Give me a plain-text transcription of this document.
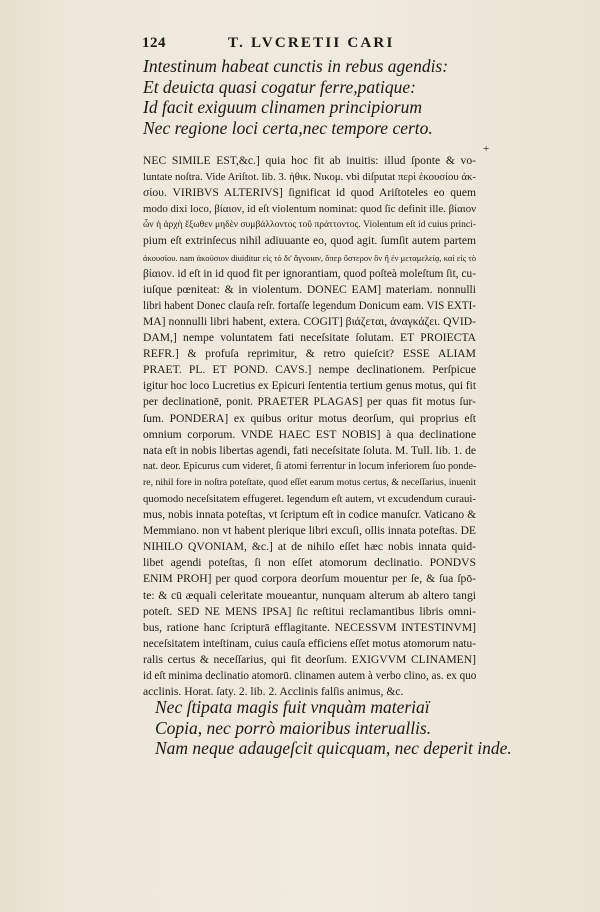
124	T. LVCRETII CARI
Intestinum habeat cunctis in rebus agendis:
Et deuicta quasi cogatur ferre,patique:
Id facit exiguum clinamen principiorum
Nec regione loci certa,nec tempore certo.
+
NEC SIMILE EST,&c.] quia hoc fit ab inuitis: illud ſponte & vo-
luntate noſtra. Vide Ariſtot. lib. 3. ἠθικ. Νικομ. vbi diſputat περὶ ἑκουσίου ἀκ-
σίου. VIRIBVS ALTERIVS] ſignificat id quod Ariſtoteles eo quem
modo dixi loco, βίαιον, id eſt violentum nominat: quod ſic definit ille. βίαιον
ὧν ἡ ἀρχὴ ἔξωθεν μηδὲν συμβάλλοντος τοῦ πράττοντος. Violentum eſt id cuius princi-
pium eſt extrinſecus nihil adiuuante eo, quod agit. ſumſit autem partem
ἀκουσίου. nam ἀκούσιον diuiditur εἰς τό δι' ἄγνοιαν, ὅπερ ὕστερον ὂν ἢ ἐν μεταμελείᾳ, καὶ εἰς τὸ
βίαιον. id eſt in id quod fit per ignorantiam, quod poſteà moleſtum ſit, cu-
iuſque pœniteat: & in violentum. DONEC EAM] materiam. nonnulli
libri habent Donec clauſa reſr. fortaſſe legendum Donicum eam. VIS EXTI-
MA] nonnulli libri habent, extera. COGIT] βιάζεται, ἀναγκάζει. QVID-
DAM,] nempe voluntatem fati neceſsitate ſolutam. ET PROIECTA
REFR.] & profuſa reprimitur, & retro quieſcit? ESSE ALIAM
PRAET. PL. ET POND. CAVS.] nempe declinationem. Perſpicue
igitur hoc loco Lucretius ex Epicuri ſententia tertium genus motus, qui fit
per declinationē, ponit. PRAETER PLAGAS] per quas fit motus ſur-
ſum. PONDERA] ex quibus oritur motus deorſum, qui proprius eſt
omnium corporum. VNDE HAEC EST NOBIS] à qua declinatione
nata eſt in nobis libertas agendi, fati neceſsitate ſoluta. M. Tull. lib. 1. de
nat. deor. Epicurus cum videret, ſi atomi ferrentur in locum inferiorem ſuo ponde-
re, nihil fore in noſtra poteſtate, quod eſſet earum motus certus, & neceſſarius, inuenit
quomodo neceſsitatem effugeret. legendum eſt autem, vt excudendum curaui-
mus, nobis innata poteſtas, vt ſcriptum eſt in codice manuſcr. Vaticano &
Memmiano. non vt habent plerique libri excuſi, ollis innata poteſtas. DE
NIHILO QVONIAM, &c.] at de nihilo eſſet hæc nobis innata quid-
libet agendi poteſtas, ſi non eſſet atomorum declinatio. PONDVS
ENIM PROH] per quod corpora deorſum mouentur per ſe, & ſua ſpō-
te: & cū æquali celeritate moueantur, nunquam alterum ab altero tangi
poteſt. SED NE MENS IPSA] ſic reſtitui reclamantibus libris omni-
bus, ratione hanc ſcripturā efflagitante. NECESSVM INTESTINVM]
neceſsitatem inteſtinam, cuius cauſa efficiens eſſet motus atomorum natu-
ralis certus & neceſſarius, qui fit deorſum. EXIGVVM CLINAMEN]
id eſt minima declinatio atomorū. clinamen autem à verbo clino, as. ex quo
acclinis. Horat. ſaty. 2. lib. 2. Acclinis falſis animus, &c.
Nec ſtipata magis fuit vnquàm materiaï
Copia, nec porrò maioribus interuallis.
Nam neque adaugeſcit quicquam, nec deperit inde.
